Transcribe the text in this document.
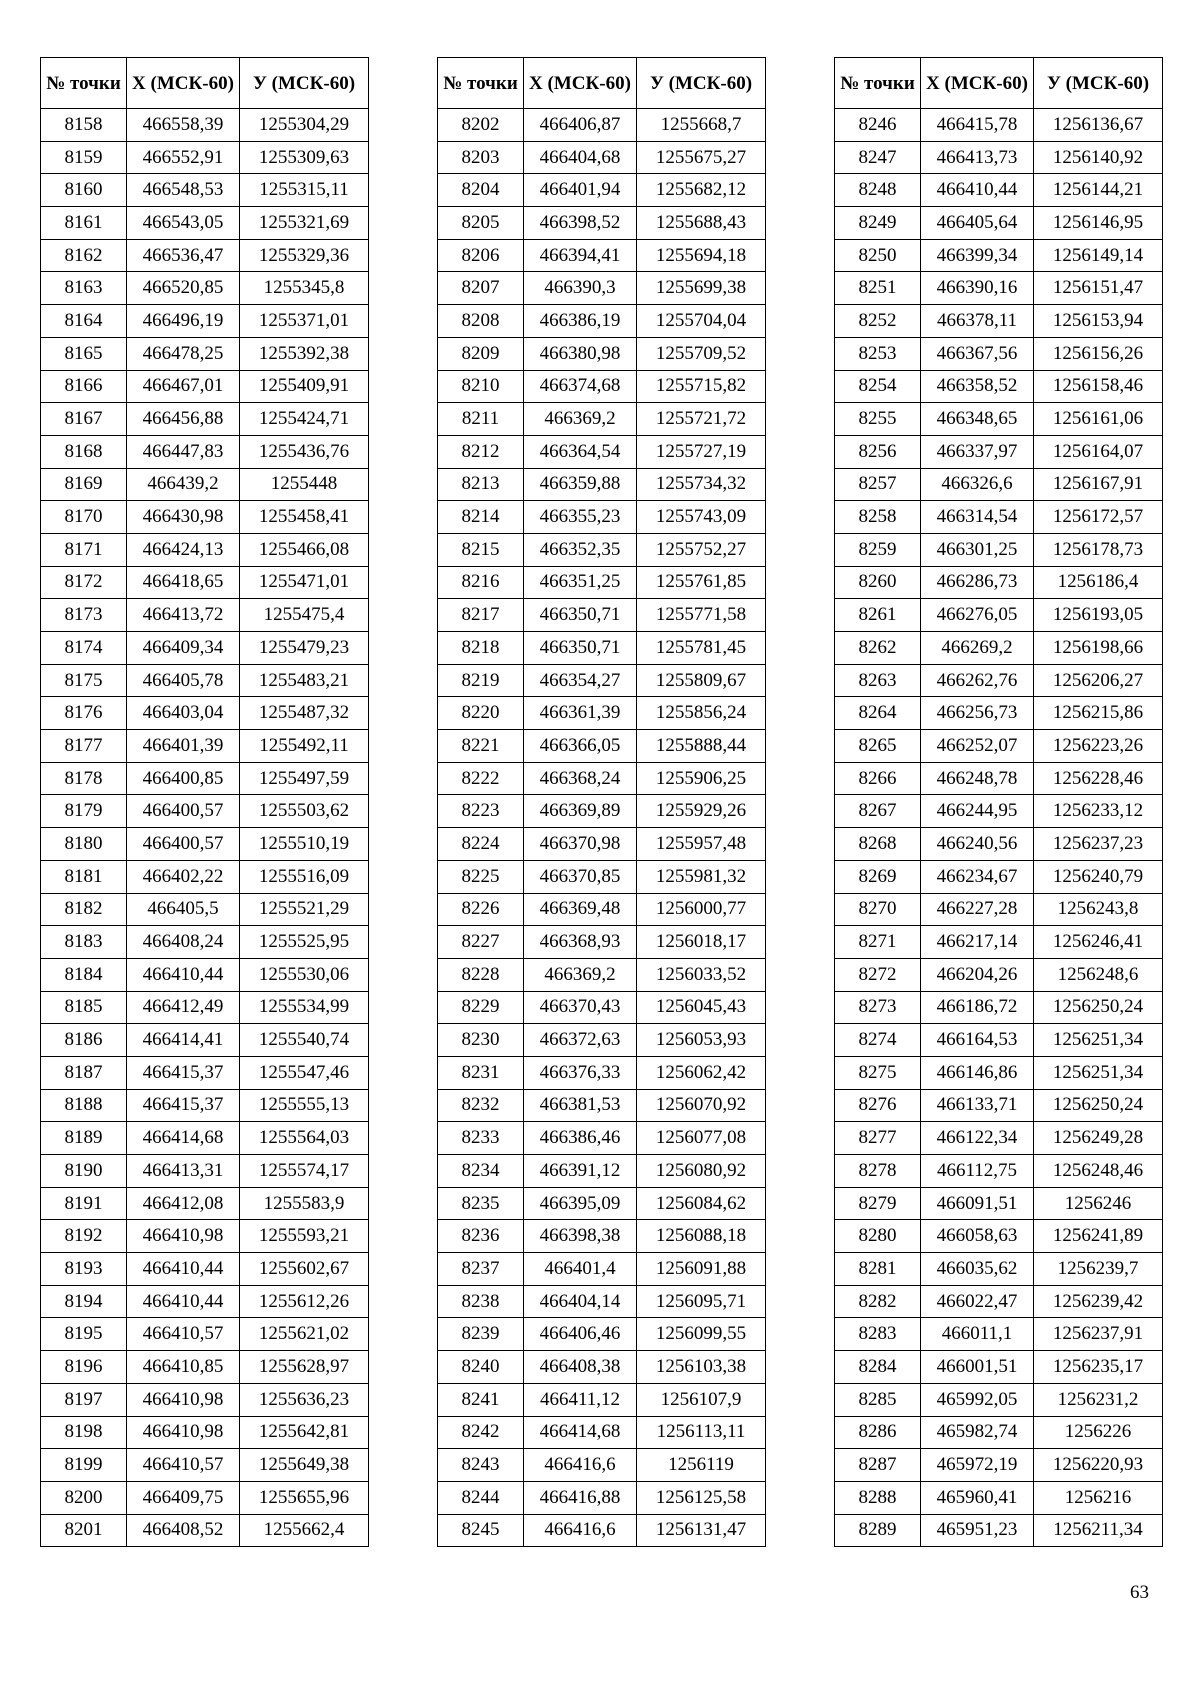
№ точки	X (МСК-60)	У (МСК-60)
8158	466558,39	1255304,29
8159	466552,91	1255309,63
8160	466548,53	1255315,11
8161	466543,05	1255321,69
8162	466536,47	1255329,36
8163	466520,85	1255345,8
8164	466496,19	1255371,01
8165	466478,25	1255392,38
8166	466467,01	1255409,91
8167	466456,88	1255424,71
8168	466447,83	1255436,76
8169	466439,2	1255448
8170	466430,98	1255458,41
8171	466424,13	1255466,08
8172	466418,65	1255471,01
8173	466413,72	1255475,4
8174	466409,34	1255479,23
8175	466405,78	1255483,21
8176	466403,04	1255487,32
8177	466401,39	1255492,11
8178	466400,85	1255497,59
8179	466400,57	1255503,62
8180	466400,57	1255510,19
8181	466402,22	1255516,09
8182	466405,5	1255521,29
8183	466408,24	1255525,95
8184	466410,44	1255530,06
8185	466412,49	1255534,99
8186	466414,41	1255540,74
8187	466415,37	1255547,46
8188	466415,37	1255555,13
8189	466414,68	1255564,03
8190	466413,31	1255574,17
8191	466412,08	1255583,9
8192	466410,98	1255593,21
8193	466410,44	1255602,67
8194	466410,44	1255612,26
8195	466410,57	1255621,02
8196	466410,85	1255628,97
8197	466410,98	1255636,23
8198	466410,98	1255642,81
8199	466410,57	1255649,38
8200	466409,75	1255655,96
8201	466408,52	1255662,4
№ точки	X (МСК-60)	У (МСК-60)
8202	466406,87	1255668,7
8203	466404,68	1255675,27
8204	466401,94	1255682,12
8205	466398,52	1255688,43
8206	466394,41	1255694,18
8207	466390,3	1255699,38
8208	466386,19	1255704,04
8209	466380,98	1255709,52
8210	466374,68	1255715,82
8211	466369,2	1255721,72
8212	466364,54	1255727,19
8213	466359,88	1255734,32
8214	466355,23	1255743,09
8215	466352,35	1255752,27
8216	466351,25	1255761,85
8217	466350,71	1255771,58
8218	466350,71	1255781,45
8219	466354,27	1255809,67
8220	466361,39	1255856,24
8221	466366,05	1255888,44
8222	466368,24	1255906,25
8223	466369,89	1255929,26
8224	466370,98	1255957,48
8225	466370,85	1255981,32
8226	466369,48	1256000,77
8227	466368,93	1256018,17
8228	466369,2	1256033,52
8229	466370,43	1256045,43
8230	466372,63	1256053,93
8231	466376,33	1256062,42
8232	466381,53	1256070,92
8233	466386,46	1256077,08
8234	466391,12	1256080,92
8235	466395,09	1256084,62
8236	466398,38	1256088,18
8237	466401,4	1256091,88
8238	466404,14	1256095,71
8239	466406,46	1256099,55
8240	466408,38	1256103,38
8241	466411,12	1256107,9
8242	466414,68	1256113,11
8243	466416,6	1256119
8244	466416,88	1256125,58
8245	466416,6	1256131,47
№ точки	X (МСК-60)	У (МСК-60)
8246	466415,78	1256136,67
8247	466413,73	1256140,92
8248	466410,44	1256144,21
8249	466405,64	1256146,95
8250	466399,34	1256149,14
8251	466390,16	1256151,47
8252	466378,11	1256153,94
8253	466367,56	1256156,26
8254	466358,52	1256158,46
8255	466348,65	1256161,06
8256	466337,97	1256164,07
8257	466326,6	1256167,91
8258	466314,54	1256172,57
8259	466301,25	1256178,73
8260	466286,73	1256186,4
8261	466276,05	1256193,05
8262	466269,2	1256198,66
8263	466262,76	1256206,27
8264	466256,73	1256215,86
8265	466252,07	1256223,26
8266	466248,78	1256228,46
8267	466244,95	1256233,12
8268	466240,56	1256237,23
8269	466234,67	1256240,79
8270	466227,28	1256243,8
8271	466217,14	1256246,41
8272	466204,26	1256248,6
8273	466186,72	1256250,24
8274	466164,53	1256251,34
8275	466146,86	1256251,34
8276	466133,71	1256250,24
8277	466122,34	1256249,28
8278	466112,75	1256248,46
8279	466091,51	1256246
8280	466058,63	1256241,89
8281	466035,62	1256239,7
8282	466022,47	1256239,42
8283	466011,1	1256237,91
8284	466001,51	1256235,17
8285	465992,05	1256231,2
8286	465982,74	1256226
8287	465972,19	1256220,93
8288	465960,41	1256216
8289	465951,23	1256211,34
63
